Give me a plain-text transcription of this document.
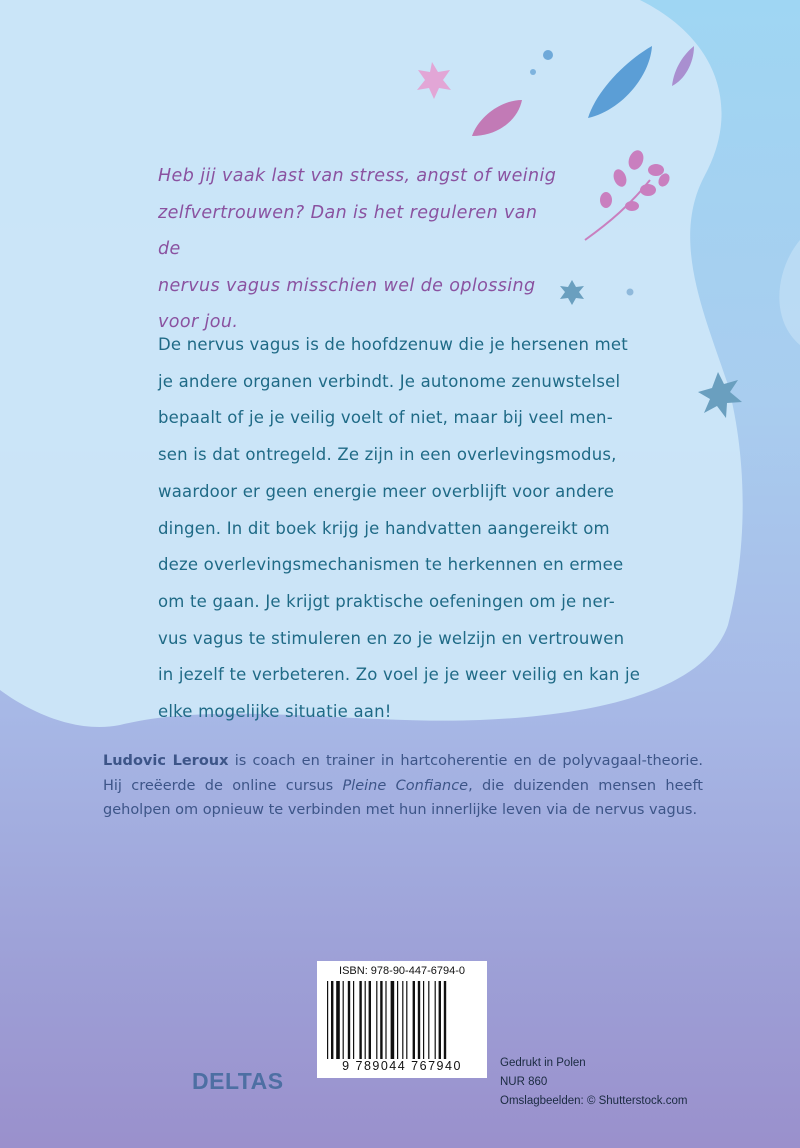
Heb jij vaak last van stress, angst of weinig
zelfvertrouwen? Dan is het reguleren van de
nervus vagus misschien wel de oplossing
voor jou.

De nervus vagus is de hoofdzenuw die je hersenen met
je andere organen verbindt. Je autonome zenuwstelsel
bepaalt of je je veilig voelt of niet, maar bij veel men-
sen is dat ontregeld. Ze zijn in een overlevingsmodus,
waardoor er geen energie meer overblijft voor andere
dingen. In dit boek krijg je handvatten aangereikt om
deze overlevingsmechanismen te herkennen en ermee
om te gaan. Je krijgt praktische oefeningen om je ner-
vus vagus te stimuleren en zo je welzijn en vertrouwen
in jezelf te verbeteren. Zo voel je je weer veilig en kan je
elke mogelijke situatie aan!

Ludovic Leroux is coach en trainer in hartcoherentie en de polyvagaal-theorie. Hij creëerde de online cursus Pleine Confiance, die duizenden mensen heeft geholpen om opnieuw te verbinden met hun innerlijke leven via de nervus vagus.

ISBN: 978-90-447-6794-0
9 789044 767940
DELTAS
Gedrukt in Polen
NUR 860
Omslagbeelden: © Shutterstock.com
